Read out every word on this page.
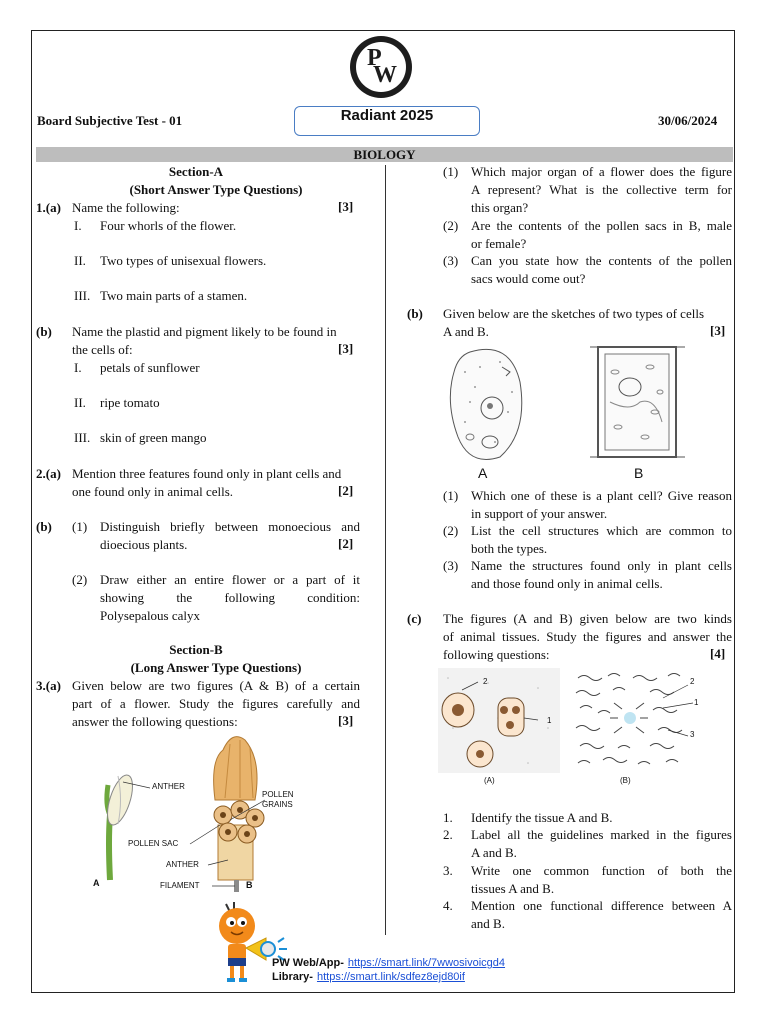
P
W
Board Subjective Test - 01	Radiant 2025	30/06/2024
BIOLOGY
Section-A
(Short Answer Type Questions)
1.(a) Name the following:	[3]
I. Four whorls of the flower.
II. Two types of unisexual flowers.
III. Two main parts of a stamen.
(b) Name the plastid and pigment likely to be found in
the cells of:	[3]
I. petals of sunflower
II. ripe tomato
III. skin of green mango
2.(a) Mention three features found only in plant cells and
one found only in animal cells.	[2]
(b) (1) Distinguish briefly between monoecious and
dioecious plants.	[2]
(2) Draw either an entire flower or a part of it
showing the following condition:
Polysepalous calyx
Section-B
(Long Answer Type Questions)
3.(a) Given below are two figures (A & B) of a certain
part of a flower. Study the figures carefully and
answer the following questions:	[3]
ANTHER
POLLEN
GRAINS
POLLEN SAC
ANTHER
FILAMENT
A	B
(1) Which major organ of a flower does the figure
A represent? What is the collective term for
this organ?
(2) Are the contents of the pollen sacs in B, male
or female?
(3) Can you state how the contents of the pollen
sacs would come out?
(b) Given below are the sketches of two types of cells
A and B.	[3]
A	B
(1) Which one of these is a plant cell? Give reason
in support of your answer.
(2) List the cell structures which are common to
both the types.
(3) Name the structures found only in plant cells
and those found only in animal cells.
(c) The figures (A and B) given below are two kinds
of animal tissues. Study the figures and answer the
following questions:	[4]
2
1
(A)
2
1
3
(B)
1. Identify the tissue A and B.
2. Label all the guidelines marked in the figures
A and B.
3. Write one common function of both the
tissues A and B.
4. Mention one functional difference between A
and B.
PW Web/App- https://smart.link/7wwosivoicgd4
Library- https://smart.link/sdfez8ejd80if
